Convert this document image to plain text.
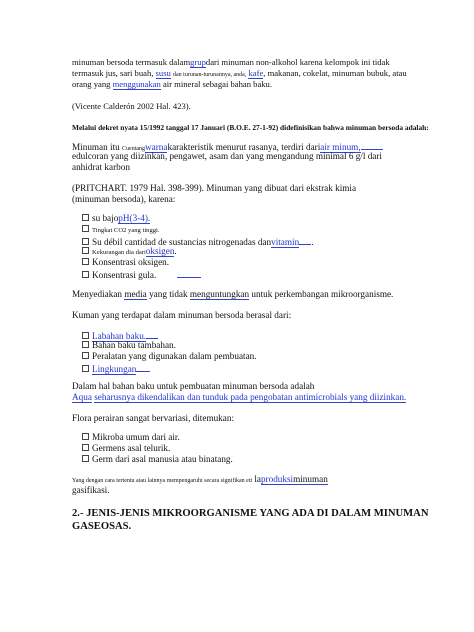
minuman bersoda termasuk dalamgrupdari minuman non-alkohol karena kelompok ini tidak
termasuk jus, sari buah, susu dan turunan-turunannya, anda, kafe, makanan, cokelat, minuman bubuk, atau
orang yang menggunakan air mineral sebagai bahan baku.
(Vicente Calderón 2002 Hal. 423).
Melalui dekret nyata 15/1992 tanggal 17 Januari (B.O.E. 27-1-92) didefinisikan bahwa minuman bersoda adalah:
Minuman itu Cuentangwarnakarakteristik menurut rasanya, terdiri dariair minum,
edulcoran yang diizinkan, pengawet, asam dan yang mengandung minimal 6 g/l dari
anhidrat karbon
(PRITCHART. 1979 Hal. 398-399). Minuman yang dibuat dari ekstrak kimia
(minuman bersoda), karena:
su bajopH(3-4).
Tingkat CO2 yang tinggi.
Su débil cantidad de sustancias nitrogenadas danvitamin .
Kekurangan dia darioksigen.
Konsentrasi oksigen.
Konsentrasi gula.
Menyediakan media yang tidak menguntungkan untuk perkembangan mikroorganisme.
Kuman yang terdapat dalam minuman bersoda berasal dari:
Labahan baku.
Bahan baku tambahan.
Peralatan yang digunakan dalam pembuatan.
Lingkungan
Dalam hal bahan baku untuk pembuatan minuman bersoda adalah
Aqua seharusnya dikendalikan dan tunduk pada pengobatan antimicrobials yang diizinkan.
Flora perairan sangat bervariasi, ditemukan:
Mikroba umum dari air.
Germens asal telurik.
Germ dari asal manusia atau binatang.
Yang dengan cara tertentu atau lainnya mempengaruhi secara signifikan ett laproduksiminuman
gasifikasi.
2.- JENIS-JENIS MIKROORGANISME YANG ADA DI DALAM MINUMAN
GASEOSAS.
